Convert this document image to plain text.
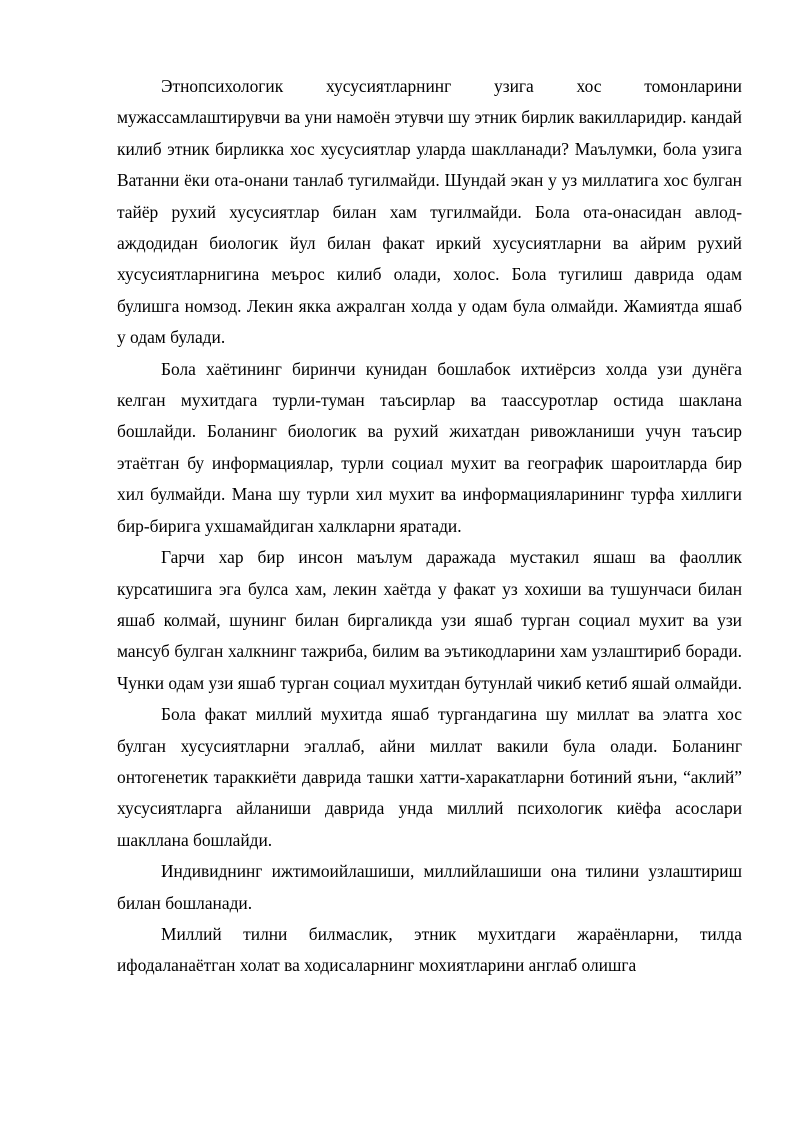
Этнопсихологик хусусиятларнинг узига хос томонларини мужассамлаштирувчи ва уни намоён этувчи шу этник бирлик вакилларидир. кандай килиб этник бирликка хос хусусиятлар уларда шаклланади? Маълумки, бола узига Ватанни ёки ота-онани танлаб тугилмайди. Шундай экан у уз миллатига хос булган тайёр рухий хусусиятлар билан хам тугилмайди. Бола ота-онасидан авлод-аждодидан биологик йул билан факат иркий хусусиятларни ва айрим рухий хусусиятларнигина меърос килиб олади, холос. Бола тугилиш даврида одам булишга номзод. Лекин якка ажралган холда у одам була олмайди. Жамиятда яшаб у одам булади.

Бола хаётининг биринчи кунидан бошлабок ихтиёрсиз холда узи дунёга келган мухитдага турли-туман таъсирлар ва таассуротлар остида шаклана бошлайди. Боланинг биологик ва рухий жихатдан ривожланиши учун таъсир этаётган бу информациялар, турли социал мухит ва географик шароитларда бир хил булмайди. Мана шу турли хил мухит ва информацияларининг турфа хиллиги бир-бирига ухшамайдиган халкларни яратади.

Гарчи хар бир инсон маълум даражада мустакил яшаш ва фаоллик курсатишига эга булса хам, лекин хаётда у факат уз хохиши ва тушунчаси билан яшаб колмай, шунинг билан биргаликда узи яшаб турган социал мухит ва узи мансуб булган халкнинг тажриба, билим ва эътикодларини хам узлаштириб боради. Чунки одам узи яшаб турган социал мухитдан бутунлай чикиб кетиб яшай олмайди.

Бола факат миллий мухитда яшаб тургандагина шу миллат ва элатга хос булган хусусиятларни эгаллаб, айни миллат вакили була олади. Боланинг онтогенетик тараккиёти даврида ташки хатти-харакатларни ботиний яъни, “аклий” хусусиятларга айланиши даврида унда миллий психологик киёфа асослари шакллана бошлайди.

Индивиднинг ижтимоийлашиши, миллийлашиши она тилини узлаштириш билан бошланади.

Миллий тилни билмаслик, этник мухитдаги жараёнларни, тилда ифодаланаётган холат ва ходисаларнинг мохиятларини англаб олишга
